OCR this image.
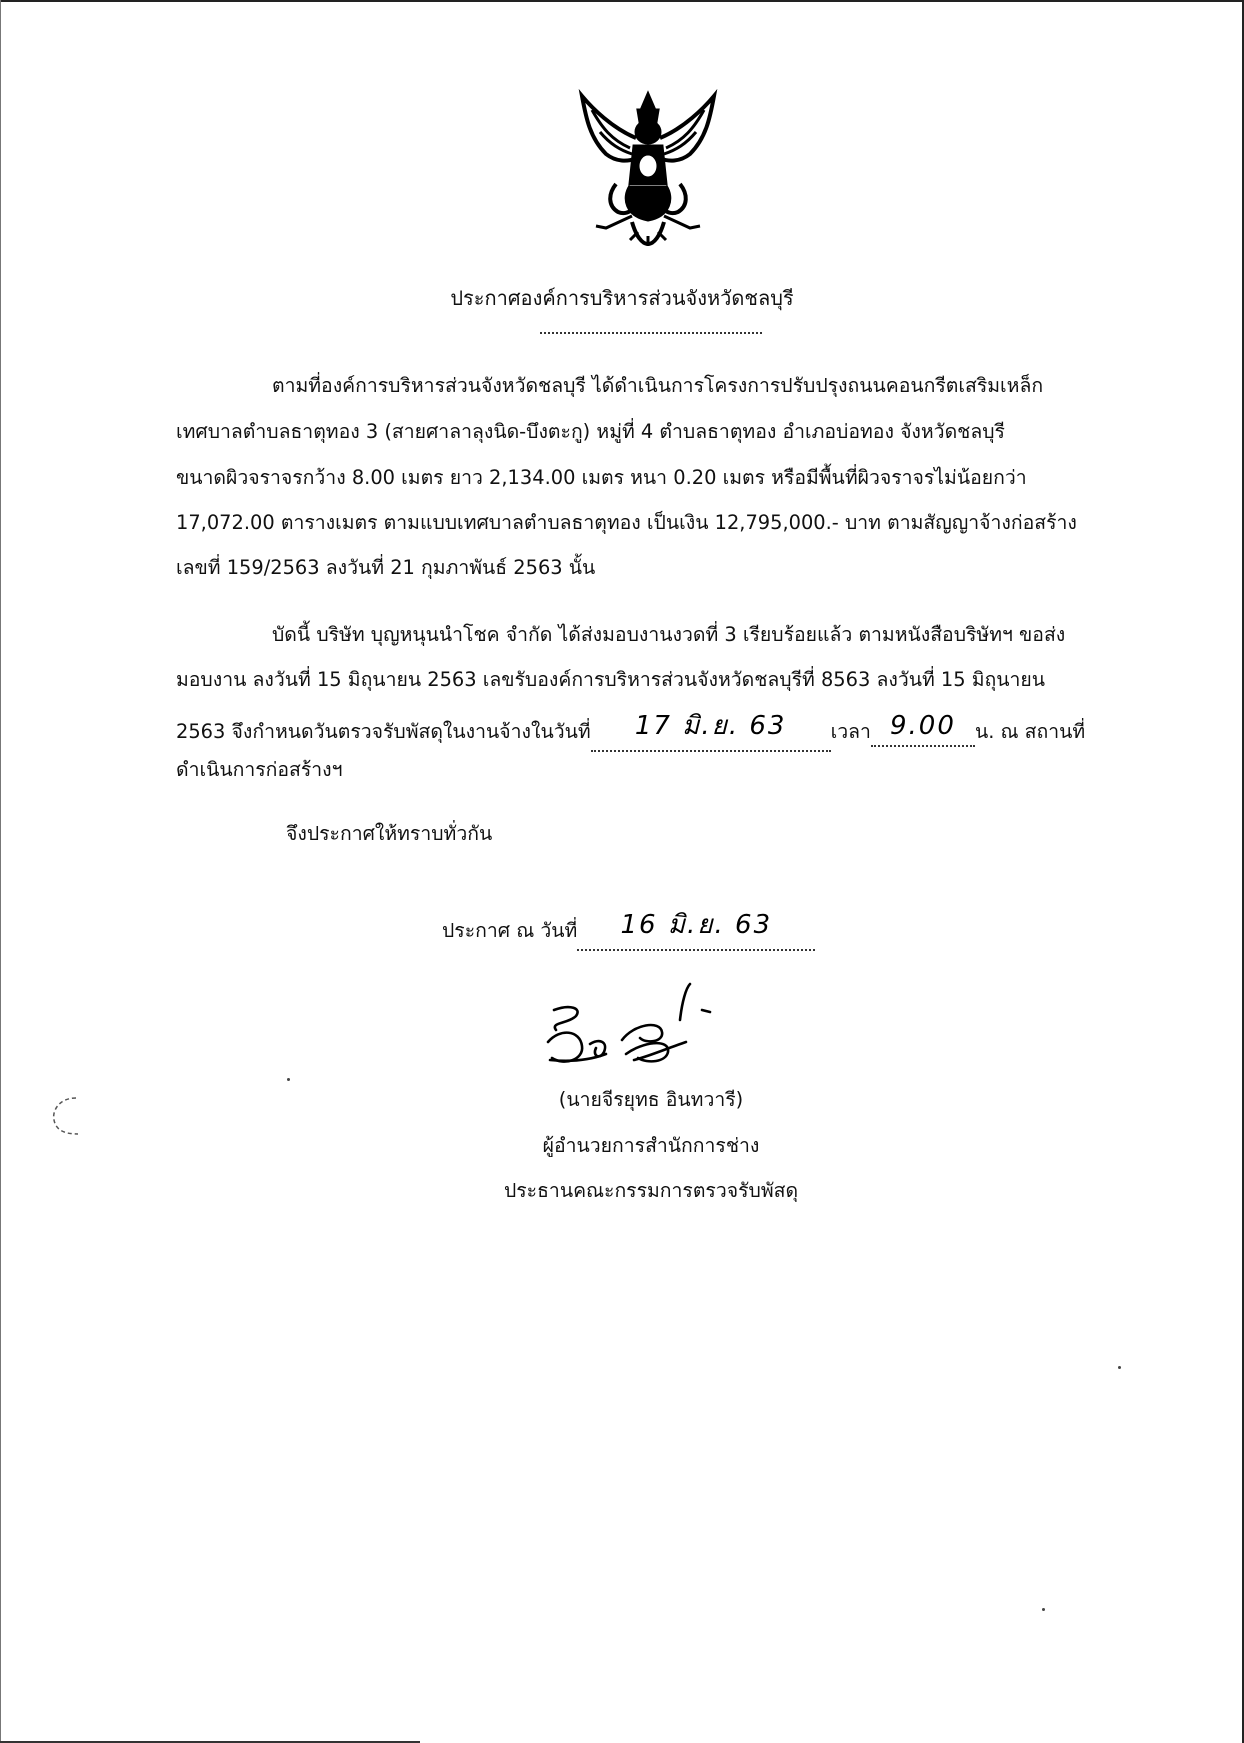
ประกาศองค์การบริหารส่วนจังหวัดชลบุรี
ตามที่องค์การบริหารส่วนจังหวัดชลบุรี ได้ดำเนินการโครงการปรับปรุงถนนคอนกรีตเสริมเหล็ก
เทศบาลตำบลธาตุทอง 3 (สายศาลาลุงนิด-บึงตะกู) หมู่ที่ 4 ตำบลธาตุทอง อำเภอบ่อทอง จังหวัดชลบุรี
ขนาดผิวจราจรกว้าง 8.00 เมตร ยาว 2,134.00 เมตร หนา 0.20 เมตร หรือมีพื้นที่ผิวจราจรไม่น้อยกว่า
17,072.00 ตารางเมตร ตามแบบเทศบาลตำบลธาตุทอง เป็นเงิน 12,795,000.- บาท ตามสัญญาจ้างก่อสร้าง
เลขที่ 159/2563 ลงวันที่ 21 กุมภาพันธ์ 2563 นั้น
บัดนี้ บริษัท บุญหนุนนำโชค จำกัด ได้ส่งมอบงานงวดที่ 3 เรียบร้อยแล้ว ตามหนังสือบริษัทฯ ขอส่ง
มอบงาน ลงวันที่ 15 มิถุนายน 2563 เลขรับองค์การบริหารส่วนจังหวัดชลบุรีที่ 8563 ลงวันที่ 15 มิถุนายน
2563 จึงกำหนดวันตรวจรับพัสดุในงานจ้างในวันที่ 17 มิ.ย. 63 เวลา 9.00 น. ณ สถานที่
ดำเนินการก่อสร้างฯ
จึงประกาศให้ทราบทั่วกัน
ประกาศ ณ วันที่ 16 มิ.ย. 63
(นายจีรยุทธ อินทวารี)
ผู้อำนวยการสำนักการช่าง
ประธานคณะกรรมการตรวจรับพัสดุ
